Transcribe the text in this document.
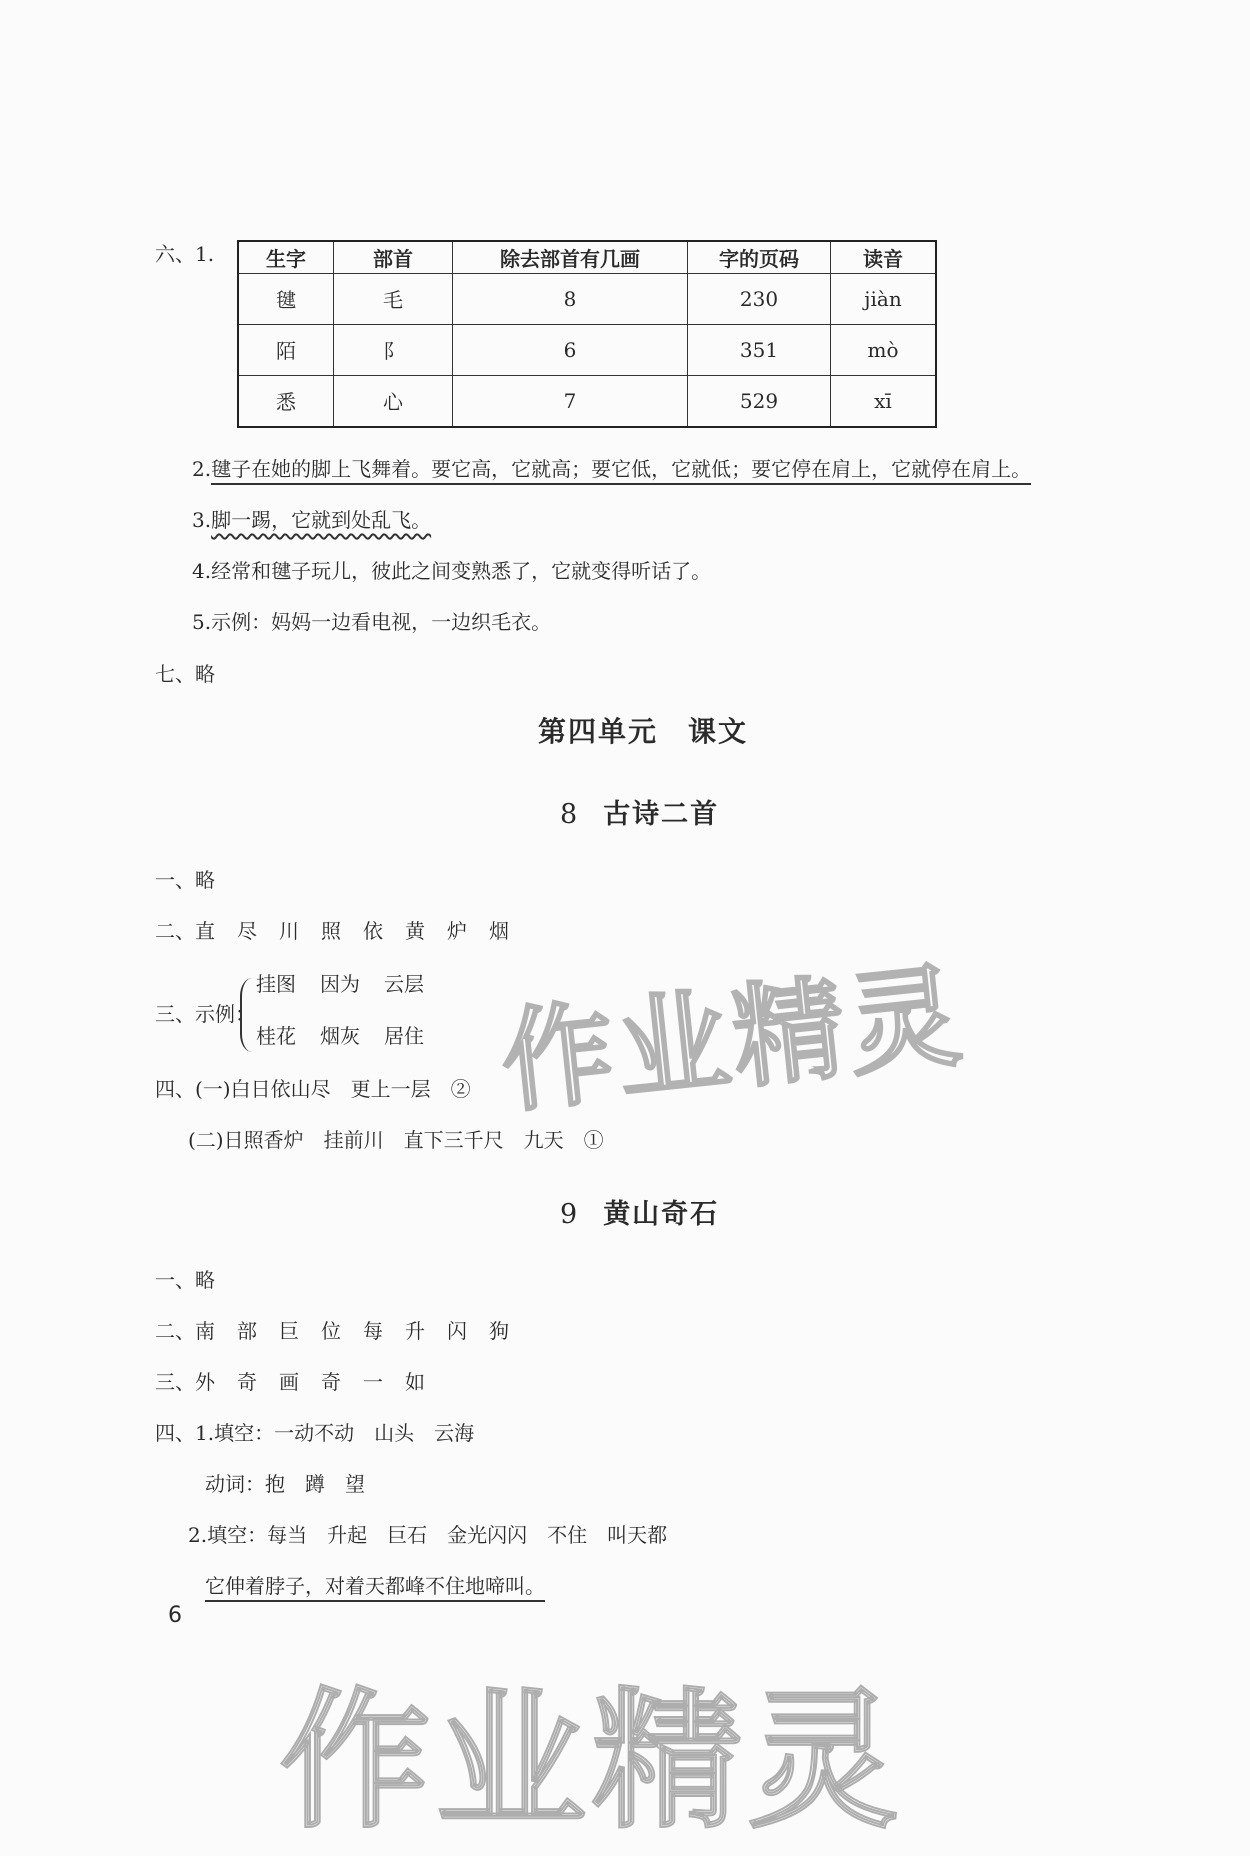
六、1.	生字	部首	除去部首有几画	字的页码	读音
毽	毛	8	230	jiàn
陌	阝	6	351	mò
悉	心	7	529	xī
2.毽子在她的脚上飞舞着。要它高，它就高；要它低，它就低；要它停在肩上，它就停在肩上。
3.脚一踢，它就到处乱飞。
4.经常和毽子玩儿，彼此之间变熟悉了，它就变得听话了。
5.示例：妈妈一边看电视，一边织毛衣。
七、略
第四单元　课文
8 古诗二首
一、略
二、直 尽 川 照 依 黄 炉 烟
三、示例：
挂图 因为 云层
桂花 烟灰 居住
四、(一)白日依山尽　更上一层　②
(二)日照香炉　挂前川　直下三千尺　九天　①
9 黄山奇石
一、略
二、南 部 巨 位 每 升 闪 狗
三、外 奇 画 奇 一 如
四、1.填空：一动不动　山头　云海
动词：抱　蹲　望
2.填空：每当　升起　巨石　金光闪闪　不住　叫天都
它伸着脖子，对着天都峰不住地啼叫。
6
作业精灵
作业精灵
